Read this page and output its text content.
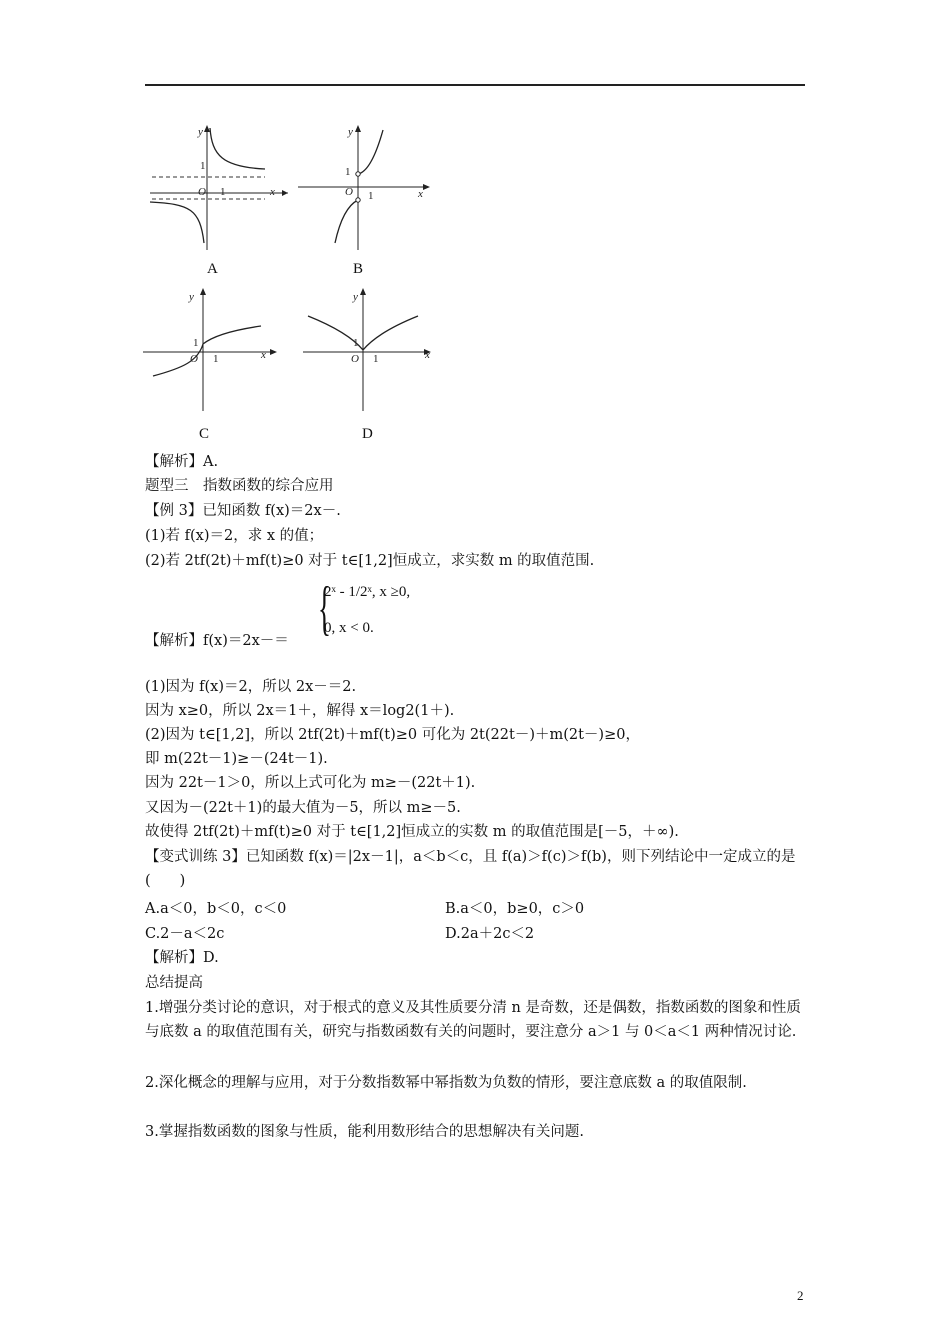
y
x
O
1
1
A
y
x
O
1
1
B
y
x
O
1
1
C
y
x
O
1
1
D
【解析】A.
题型三　指数函数的综合应用
【例 3】已知函数 f(x)＝2x－.
(1)若 f(x)＝2，求 x 的值；
(2)若 2tf(2t)＋mf(t)≥0 对于 t∈[1,2]恒成立，求实数 m 的取值范围.
{
2ˣ - 1/2ˣ, x ≥0,
0, x < 0.
【解析】f(x)＝2x－＝
(1)因为 f(x)＝2，所以 2x－＝2.
因为 x≥0，所以 2x＝1＋，解得 x＝log2(1＋).
(2)因为 t∈[1,2]，所以 2tf(2t)＋mf(t)≥0 可化为 2t(22t－)＋m(2t－)≥0，
即 m(22t－1)≥－(24t－1).
因为 22t－1＞0，所以上式可化为 m≥－(22t＋1).
又因为－(22t＋1)的最大值为－5，所以 m≥－5.
故使得 2tf(2t)＋mf(t)≥0 对于 t∈[1,2]恒成立的实数 m 的取值范围是[－5，＋∞).
【变式训练 3】已知函数 f(x)＝|2x－1|，a＜b＜c，且 f(a)＞f(c)＞f(b)，则下列结论中一定成立的是(　　)
A.a＜0，b＜0，c＜0	B.a＜0，b≥0，c＞0
C.2－a＜2c	D.2a＋2c＜2
【解析】D.
总结提高
1.增强分类讨论的意识，对于根式的意义及其性质要分清 n 是奇数，还是偶数，指数函数的图象和性质与底数 a 的取值范围有关，研究与指数函数有关的问题时，要注意分 a＞1 与 0＜a＜1 两种情况讨论.
2.深化概念的理解与应用，对于分数指数幂中幂指数为负数的情形，要注意底数 a 的取值限制.
3.掌握指数函数的图象与性质，能利用数形结合的思想解决有关问题.
2
